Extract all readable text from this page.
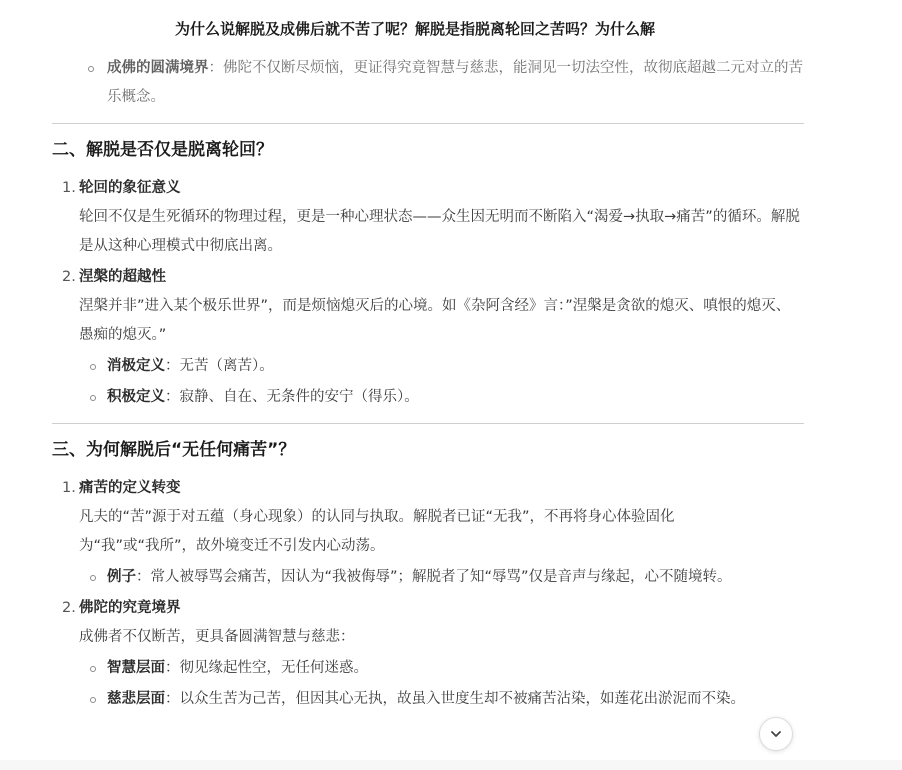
为什么说解脱及成佛后就不苦了呢？解脱是指脱离轮回之苦吗？为什么解
成佛的圆满境界：佛陀不仅断尽烦恼，更证得究竟智慧与慈悲，能洞见一切法空性，故彻底超越二元对立的苦乐概念。
二、解脱是否仅是脱离轮回？
1. 轮回的象征意义
轮回不仅是生死循环的物理过程，更是一种心理状态——众生因无明而不断陷入“渴爱→执取→痛苦”的循环。解脱是从这种心理模式中彻底出离。
2. 涅槃的超越性
涅槃并非”进入某个极乐世界”，而是烦恼熄灭后的心境。如《杂阿含经》言：”涅槃是贪欲的熄灭、嗔恨的熄灭、愚痴的熄灭。”
消极定义：无苦（离苦）。
积极定义：寂静、自在、无条件的安宁（得乐）。
三、为何解脱后“无任何痛苦”？
1. 痛苦的定义转变
凡夫的“苦”源于对五蕴（身心现象）的认同与执取。解脱者已证“无我”，不再将身心体验固化
为“我”或“我所”，故外境变迁不引发内心动荡。
例子：常人被辱骂会痛苦，因认为“我被侮辱”；解脱者了知“辱骂”仅是音声与缘起，心不随境转。
2. 佛陀的究竟境界
成佛者不仅断苦，更具备圆满智慧与慈悲：
智慧层面：彻见缘起性空，无任何迷惑。
慈悲层面：以众生苦为己苦，但因其心无执，故虽入世度生却不被痛苦沾染，如莲花出淤泥而不染。
